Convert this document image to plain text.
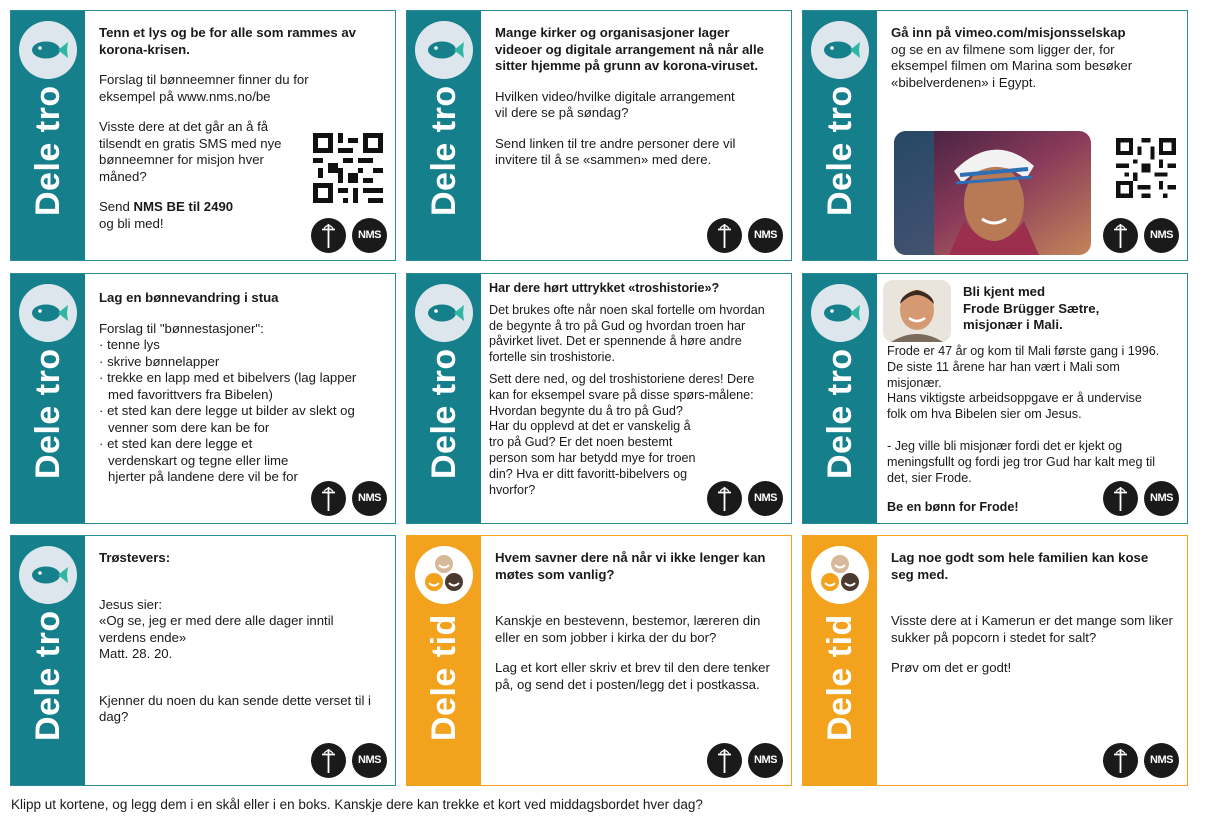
Dele tro

Tenn et lys og be for alle som rammes av korona-krisen.

Forslag til bønneemner finner du for eksempel på www.nms.no/be

Visste dere at det går an å få tilsendt en gratis SMS med nye bønneemner for misjon hver måned?

Send NMS BE til 2490
og bli med!

NMS
Dele tro

Mange kirker og organisasjoner lager videoer og digitale arrangement nå når alle sitter hjemme på grunn av korona-viruset.

Hvilken video/hvilke digitale arrangement vil dere se på søndag?

Send linken til tre andre personer dere vil invitere til å se «sammen» med dere.

NMS
Dele tro

Gå inn på vimeo.com/misjonsselskap

og se en av filmene som ligger der, for eksempel filmen om Marina som besøker «bibelverdenen» i Egypt.

NMS
Dele tro

Lag en bønnevandring i stua

Forslag til "bønnestasjoner":

· tenne lys
· skrive bønnelapper
· trekke en lapp med et bibelvers (lag lapper med favorittvers fra Bibelen)
· et sted kan dere legge ut bilder av slekt og venner som dere kan be for
· et sted kan dere legge et verdenskart og tegne eller lime hjerter på landene dere vil be for
NMS
Dele tro

Har dere hørt uttrykket «troshistorie»?

Det brukes ofte når noen skal fortelle om hvordan de begynte å tro på Gud og hvordan troen har påvirket livet. Det er spennende å høre andre fortelle sin troshistorie.

Sett dere ned, og del troshistoriene deres! Dere kan for eksempel svare på disse spørs-målene:

Hvordan begynte du å tro på Gud?

Har du opplevd at det er vanskelig å tro på Gud? Er det noen bestemt person som har betydd mye for troen din? Hva er ditt favoritt-bibelvers og hvorfor?

NMS
Dele tro

Bli kjent med
Frode Brügger Sætre,
misjonær i Mali.

Frode er 47 år og kom til Mali første gang i 1996. De siste 11 årene har han vært i Mali som misjonær.

Hans viktigste arbeidsoppgave er å undervise folk om hva Bibelen sier om Jesus.

- Jeg ville bli misjonær fordi det er kjekt og meningsfullt og fordi jeg tror Gud har kalt meg til det, sier Frode.

Be en bønn for Frode!

NMS
Dele tro

Trøstevers:

Jesus sier:

«Og se, jeg er med dere alle dager inntil verdens ende»

Matt. 28. 20.

Kjenner du noen du kan sende dette verset til i dag?

NMS
Dele tid

Hvem savner dere nå når vi ikke lenger kan møtes som vanlig?

Kanskje en bestevenn, bestemor, læreren din eller en som jobber i kirka der du bor?

Lag et kort eller skriv et brev til den dere tenker på, og send det i posten/legg det i postkassa.

NMS
Dele tid

Lag noe godt som hele familien kan kose seg med.

Visste dere at i Kamerun er det mange som liker sukker på popcorn i stedet for salt?

Prøv om det er godt!

NMS
Klipp ut kortene, og legg dem i en skål eller i en boks. Kanskje dere kan trekke et kort ved middagsbordet hver dag?
